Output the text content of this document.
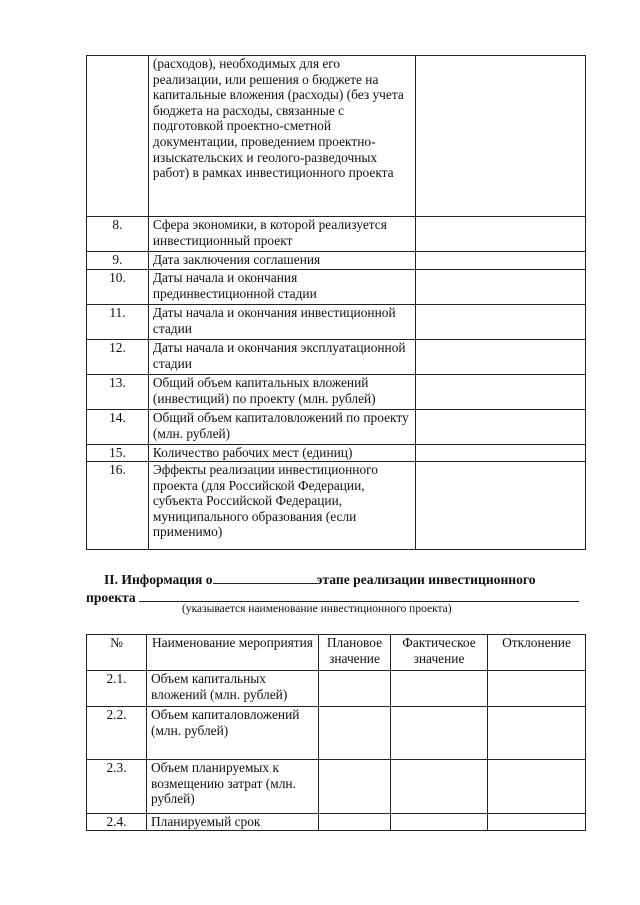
	(расходов), необходимых для его реализации, или решения о бюджете на капитальные вложения (расходы) (без учета бюджета на расходы, связанные с подготовкой проектно-сметной документации, проведением проектно-изыскательских и геолого-разведочных работ) в рамках инвестиционного проекта	
8.	Сфера экономики, в которой реализуется инвестиционный проект	
9.	Дата заключения соглашения	
10.	Даты начала и окончания прединвестиционной стадии	
11.	Даты начала и окончания инвестиционной стадии	
12.	Даты начала и окончания эксплуатационной стадии	
13.	Общий объем капитальных вложений (инвестиций) по проекту (млн. рублей)	
14.	Общий объем капиталовложений по проекту (млн. рублей)	
15.	Количество рабочих мест (единиц)	
16.	Эффекты реализации инвестиционного проекта (для Российской Федерации, субъекта Российской Федерации, муниципального образования (если применимо)	
II. Информация о	этапе реализации инвестиционного
проекта
(указывается наименование инвестиционного проекта)
№	Наименование мероприятия	Плановое значение	Фактическое значение	Отклонение
2.1.	Объем капитальных вложений (млн. рублей)			
2.2.	Объем капиталовложений (млн. рублей)			
2.3.	Объем планируемых к возмещению затрат (млн. рублей)			
2.4.	Планируемый срок			
